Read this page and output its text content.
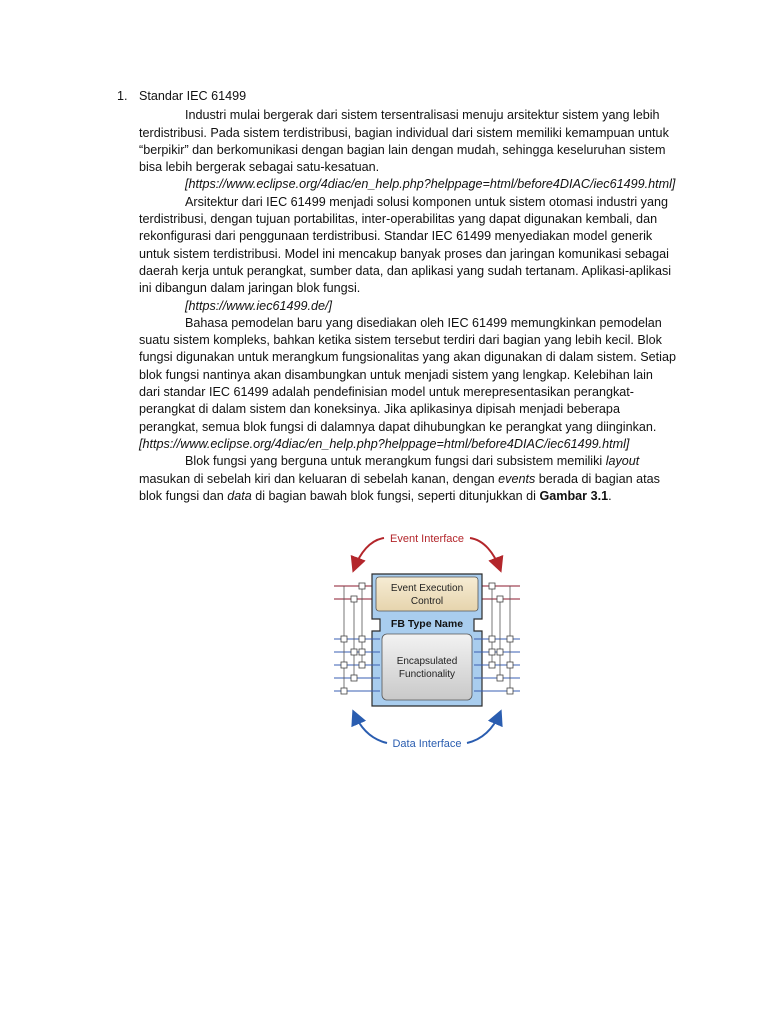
1. Standar IEC 61499

Industri mulai bergerak dari sistem tersentralisasi menuju arsitektur sistem yang lebih terdistribusi. Pada sistem terdistribusi, bagian individual dari sistem memiliki kemampuan untuk “berpikir” dan berkomunikasi dengan bagian lain dengan mudah, sehingga keseluruhan sistem bisa lebih bergerak sebagai satu-kesatuan.
[https://www.eclipse.org/4diac/en_help.php?helppage=html/before4DIAC/iec61499.html]

Arsitektur dari IEC 61499 menjadi solusi komponen untuk sistem otomasi industri yang terdistribusi, dengan tujuan portabilitas, inter-operabilitas yang dapat digunakan kembali, dan rekonfigurasi dari penggunaan terdistribusi. Standar IEC 61499 menyediakan model generik untuk sistem terdistribusi. Model ini mencakup banyak proses dan jaringan komunikasi sebagai daerah kerja untuk perangkat, sumber data, dan aplikasi yang sudah tertanam. Aplikasi-aplikasi ini dibangun dalam jaringan blok fungsi.
[https://www.iec61499.de/]

Bahasa pemodelan baru yang disediakan oleh IEC 61499 memungkinkan pemodelan suatu sistem kompleks, bahkan ketika sistem tersebut terdiri dari bagian yang lebih kecil. Blok fungsi digunakan untuk merangkum fungsionalitas yang akan digunakan di dalam sistem. Setiap blok fungsi nantinya akan disambungkan untuk menjadi sistem yang lengkap. Kelebihan lain dari standar IEC 61499 adalah pendefinisian model untuk merepresentasikan perangkat-perangkat di dalam sistem dan koneksinya. Jika aplikasinya dipisah menjadi beberapa perangkat, semua blok fungsi di dalamnya dapat dihubungkan ke perangkat yang diinginkan. [https://www.eclipse.org/4diac/en_help.php?helppage=html/before4DIAC/iec61499.html]

Blok fungsi yang berguna untuk merangkum fungsi dari subsistem memiliki layout masukan di sebelah kiri dan keluaran di sebelah kanan, dengan events berada di bagian atas blok fungsi dan data di bagian bawah blok fungsi, seperti ditunjukkan di Gambar 3.1.

Event Interface
Event Execution
Control
FB Type Name
Encapsulated
Functionality
Data Interface
